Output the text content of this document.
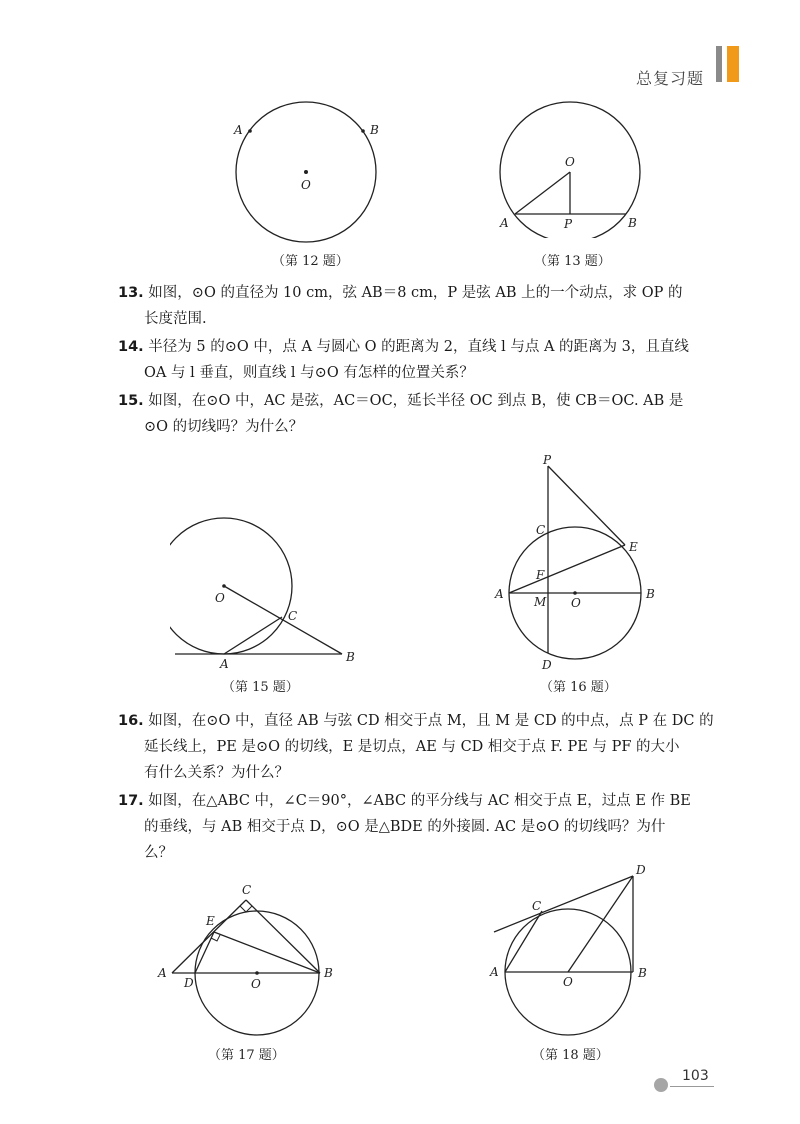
总复习题
A	B
O
（第 12 题）
O
A	P	B
（第 13 题）
13. 如图，⊙O 的直径为 10 cm，弦 AB＝8 cm，P 是弦 AB 上的一个动点，求 OP 的
长度范围.
14. 半径为 5 的⊙O 中，点 A 与圆心 O 的距离为 2，直线 l 与点 A 的距离为 3，且直线
OA 与 l 垂直，则直线 l 与⊙O 有怎样的位置关系？
15. 如图，在⊙O 中，AC 是弦，AC＝OC，延长半径 OC 到点 B，使 CB＝OC. AB 是
⊙O 的切线吗？为什么？
O
C
A	B
（第 15 题）
P
C
E
F
A
M O
B
D
（第 16 题）
16. 如图，在⊙O 中，直径 AB 与弦 CD 相交于点 M，且 M 是 CD 的中点，点 P 在 DC 的
延长线上，PE 是⊙O 的切线，E 是切点，AE 与 CD 相交于点 F. PE 与 PF 的大小
有什么关系？为什么？
17. 如图，在△ABC 中，∠C＝90°，∠ABC 的平分线与 AC 相交于点 E，过点 E 作 BE
的垂线，与 AB 相交于点 D，⊙O 是△BDE 的外接圆. AC 是⊙O 的切线吗？为什
么？
C
E
A
D	O
B
（第 17 题）
D
C
A
O
B
（第 18 题）
103
